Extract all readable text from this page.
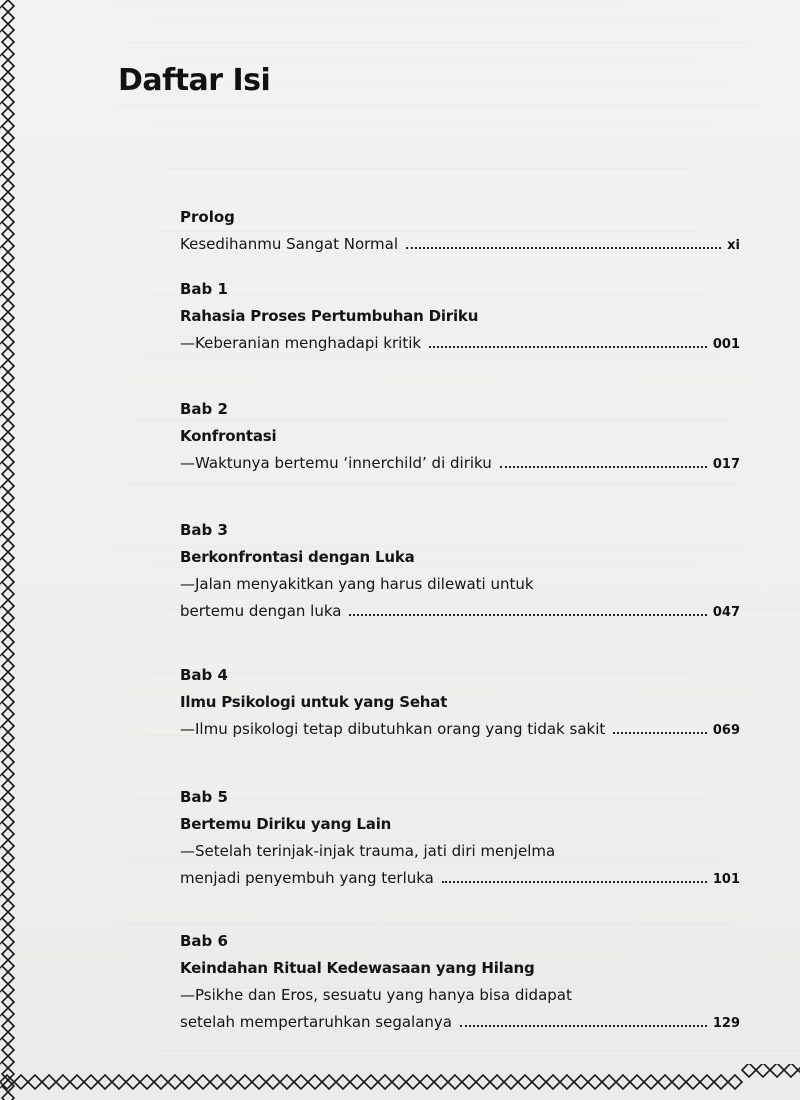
Daftar Isi
Prolog
Kesedihanmu Sangat Normal	xi
Bab 1
Rahasia Proses Pertumbuhan Diriku
—Keberanian menghadapi kritik	001
Bab 2
Konfrontasi
—Waktunya bertemu ‘innerchild’ di diriku	017
Bab 3
Berkonfrontasi dengan Luka
—Jalan menyakitkan yang harus dilewati untuk
bertemu dengan luka	047
Bab 4
Ilmu Psikologi untuk yang Sehat
—Ilmu psikologi tetap dibutuhkan orang yang tidak sakit	069
Bab 5
Bertemu Diriku yang Lain
—Setelah terinjak-injak trauma, jati diri menjelma
menjadi penyembuh yang terluka	101
Bab 6
Keindahan Ritual Kedewasaan yang Hilang
—Psikhe dan Eros, sesuatu yang hanya bisa didapat
setelah mempertaruhkan segalanya	129
